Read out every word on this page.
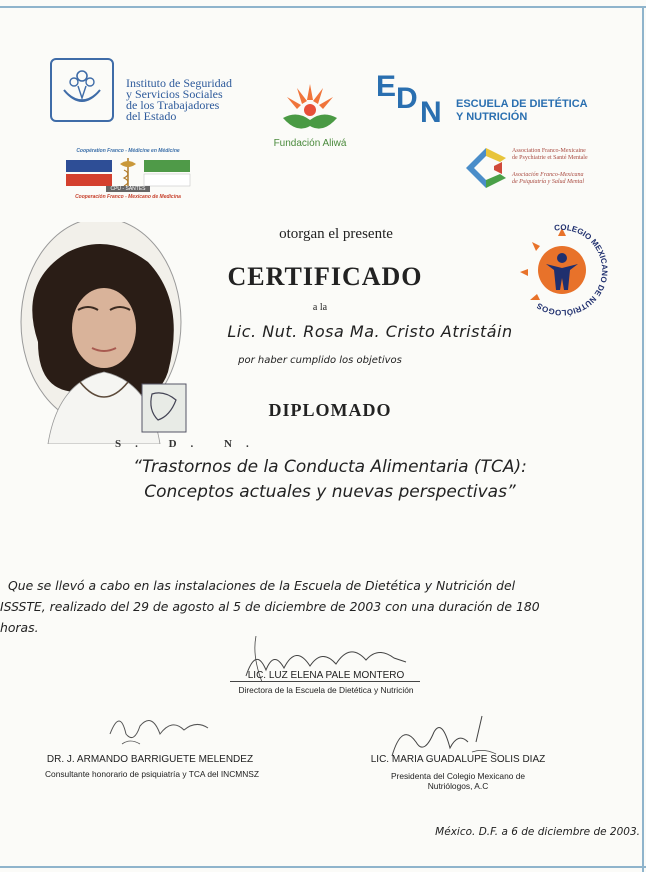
Instituto de Seguridad
y Servicios Sociales
de los Trabajadores
del Estado
Fundación Aliwá
E D N ESCUELA DE DIETÉTICA
Y NUTRICIÓN
Coopération Franco - Médicine en Médicine
CPU - SANTES
Cooperación Franco - Mexicano de Medicina
Association Franco-Mexicaine
de Psychiatrie et Santé Mentale
Asociación Franco-Mexicana
de Psiquiatría y Salud Mental
COLEGIO MEXICANO DE NUTRIÓLOGOS
S. D. N.
otorgan el presente
CERTIFICADO
a la
Lic. Nut. Rosa Ma. Cristo Atristáin
por haber cumplido los objetivos
DIPLOMADO
“Trastornos de la Conducta Alimentaria (TCA):
Conceptos actuales y nuevas perspectivas”
Que se llevó a cabo en las instalaciones de la Escuela de Dietética y Nutrición del
ISSSTE, realizado del 29 de agosto al 5 de diciembre de 2003 con una duración de 180
horas.
LIC. LUZ ELENA PALE MONTERO
Directora de la Escuela de Dietética y Nutrición
DR. J. ARMANDO BARRIGUETE MELENDEZ
Consultante honorario de psiquiatría y TCA del INCMNSZ
LIC. MARIA GUADALUPE SOLIS DIAZ
Presidenta del Colegio Mexicano de
Nutriólogos, A.C
México. D.F. a 6 de diciembre de 2003.
